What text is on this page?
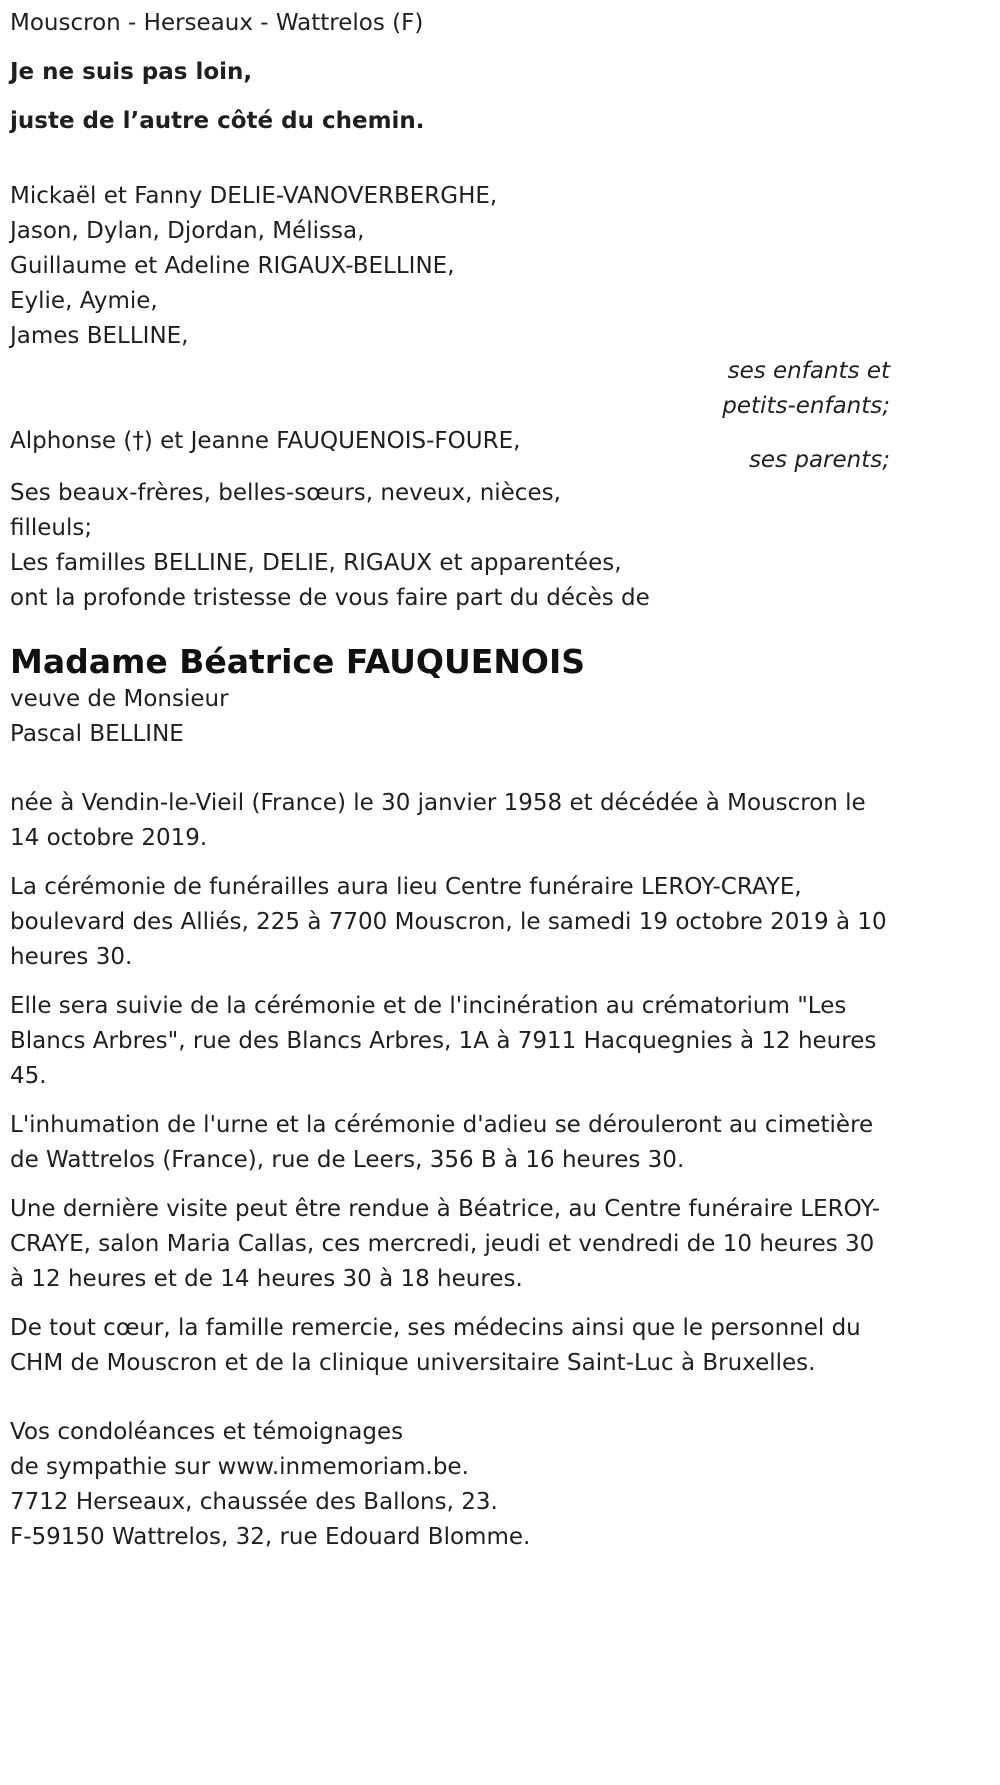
Mouscron - Herseaux - Wattrelos (F)

Je ne suis pas loin,

juste de l’autre côté du chemin.

Mickaël et Fanny DELIE-VANOVERBERGHE,
Jason, Dylan, Djordan, Mélissa,
Guillaume et Adeline RIGAUX-BELLINE,
Eylie, Aymie,
James BELLINE,
ses enfants et
petits-enfants;
Alphonse (†) et Jeanne FAUQUENOIS-FOURE,
ses parents;
Ses beaux-frères, belles-sœurs, neveux, nièces,
filleuls;
Les familles BELLINE, DELIE, RIGAUX et apparentées,
ont la profonde tristesse de vous faire part du décès de
Madame Béatrice FAUQUENOIS
veuve de Monsieur
Pascal BELLINE

née à Vendin-le-Vieil (France) le 30 janvier 1958 et décédée à Mouscron le 14 octobre 2019.

La cérémonie de funérailles aura lieu Centre funéraire LEROY-CRAYE, boulevard des Alliés, 225 à 7700 Mouscron, le samedi 19 octobre 2019 à 10 heures 30.

Elle sera suivie de la cérémonie et de l'incinération au crématorium "Les Blancs Arbres", rue des Blancs Arbres, 1A à 7911 Hacquegnies à 12 heures 45.

L'inhumation de l'urne et la cérémonie d'adieu se dérouleront au cimetière de Wattrelos (France), rue de Leers, 356 B à 16 heures 30.

Une dernière visite peut être rendue à Béatrice, au Centre funéraire LEROY-CRAYE, salon Maria Callas, ces mercredi, jeudi et vendredi de 10 heures 30 à 12 heures et de 14 heures 30 à 18 heures.

De tout cœur, la famille remercie, ses médecins ainsi que le personnel du CHM de Mouscron et de la clinique universitaire Saint-Luc à Bruxelles.

Vos condoléances et témoignages
de sympathie sur www.inmemoriam.be.
7712 Herseaux, chaussée des Ballons, 23.
F-59150 Wattrelos, 32, rue Edouard Blomme.
